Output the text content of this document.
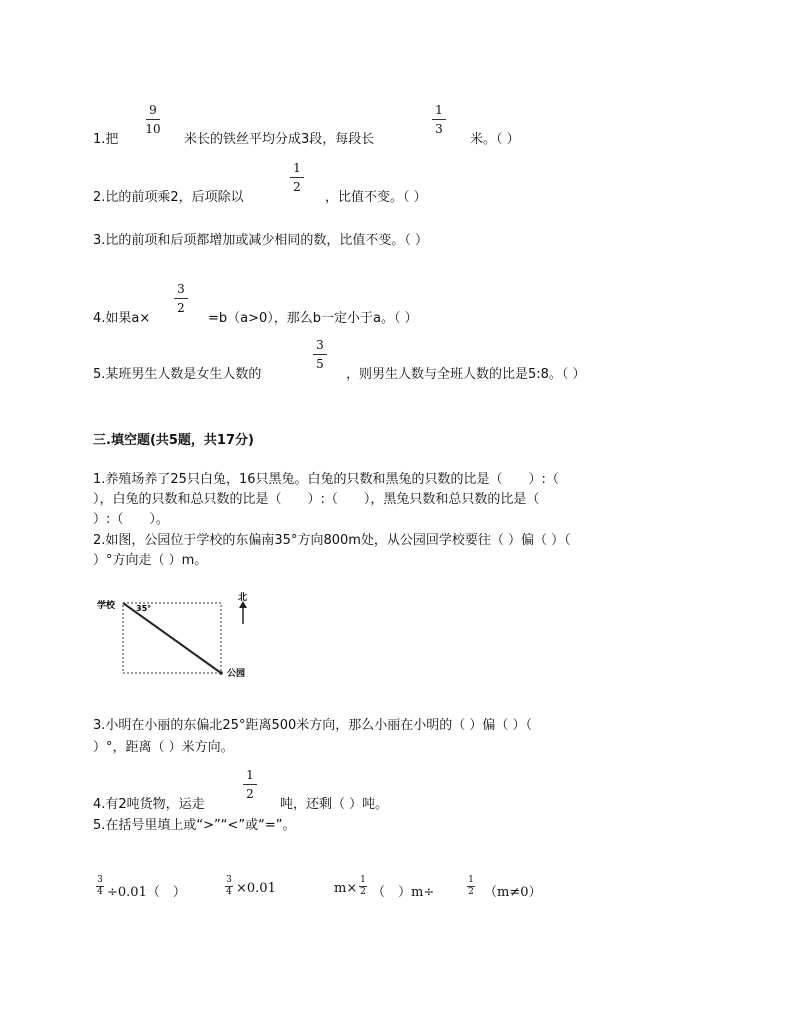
1.把
9
10
米长的铁丝平均分成3段，每段长
1
3
米。（ ）
2.比的前项乘2，后项除以
1
2
，比值不变。（ ）
3.比的前项和后项都增加或减少相同的数，比值不变。（ ）
4.如果a×
3
2
=b（a>0），那么b一定小于a。（ ）
5.某班男生人数是女生人数的
3
5
，则男生人数与全班人数的比是5:8。（ ）
三.填空题(共5题，共17分)
1.养殖场养了25只白兔，16只黑兔。白兔的只数和黑兔的只数的比是（　　）:（
），白兔的只数和总只数的比是（　　）:（　　），黑兔只数和总只数的比是（
）:（　　）。
2.如图，公园位于学校的东偏南35°方向800m处，从公园回学校要往（ ）偏（ ）（
）°方向走（ ）m。
学校	35°
北
公园
3.小明在小丽的东偏北25°距离500米方向，那么小丽在小明的（ ）偏（ ）（
）°，距离（ ）米方向。
4.有2吨货物，运走
1
2
吨，还剩（ ）吨。
5.在括号里填上或“>”“<”或“=”。
3
4 ÷0.01（　）
3
4 ×0.01	m×
1
2 （　）m÷
1
2 （m≠0）
